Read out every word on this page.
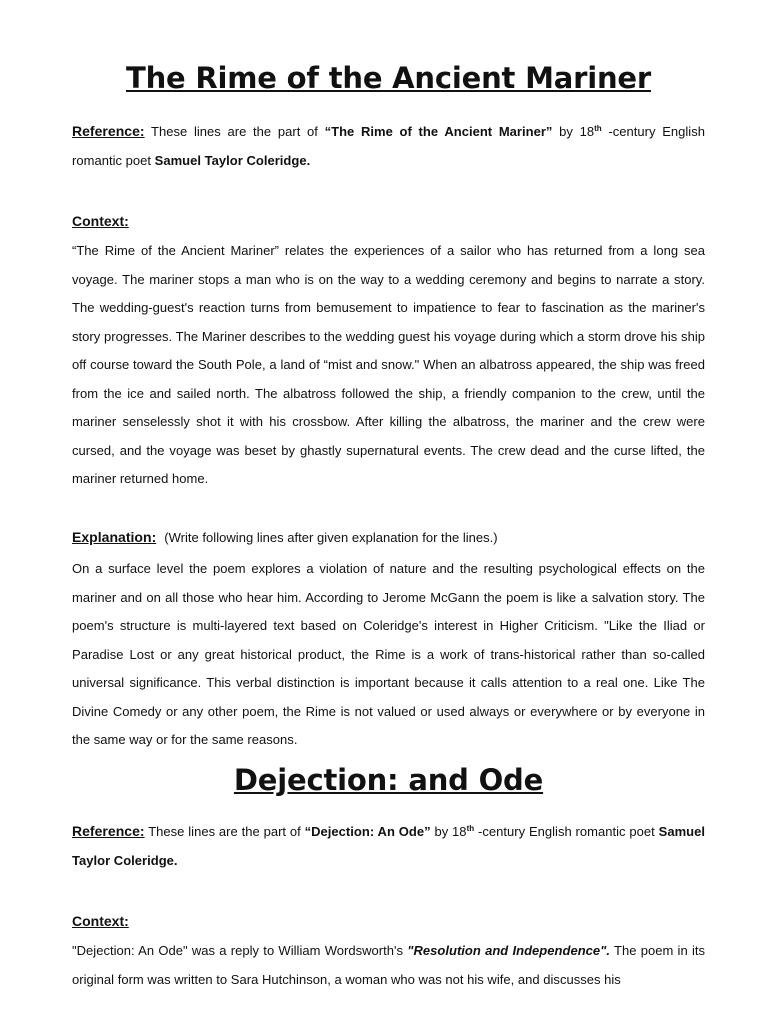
The Rime of the Ancient Mariner

Reference: These lines are the part of “The Rime of the Ancient Mariner” by 18th -century English romantic poet Samuel Taylor Coleridge.

Context:

“The Rime of the Ancient Mariner” relates the experiences of a sailor who has returned from a long sea voyage. The mariner stops a man who is on the way to a wedding ceremony and begins to narrate a story. The wedding-guest's reaction turns from bemusement to impatience to fear to fascination as the mariner's story progresses. The Mariner describes to the wedding guest his voyage during which a storm drove his ship off course toward the South Pole, a land of “mist and snow." When an albatross appeared, the ship was freed from the ice and sailed north. The albatross followed the ship, a friendly companion to the crew, until the mariner senselessly shot it with his crossbow. After killing the albatross, the mariner and the crew were cursed, and the voyage was beset by ghastly supernatural events. The crew dead and the curse lifted, the mariner returned home.

Explanation: (Write following lines after given explanation for the lines.)

On a surface level the poem explores a violation of nature and the resulting psychological effects on the mariner and on all those who hear him. According to Jerome McGann the poem is like a salvation story. The poem's structure is multi-layered text based on Coleridge's interest in Higher Criticism. "Like the Iliad or Paradise Lost or any great historical product, the Rime is a work of trans-historical rather than so-called universal significance. This verbal distinction is important because it calls attention to a real one. Like The Divine Comedy or any other poem, the Rime is not valued or used always or everywhere or by everyone in the same way or for the same reasons.

Dejection: and Ode

Reference: These lines are the part of “Dejection: An Ode” by 18th -century English romantic poet Samuel Taylor Coleridge.

Context:

"Dejection: An Ode" was a reply to William Wordsworth's "Resolution and Independence". The poem in its original form was written to Sara Hutchinson, a woman who was not his wife, and discusses his
